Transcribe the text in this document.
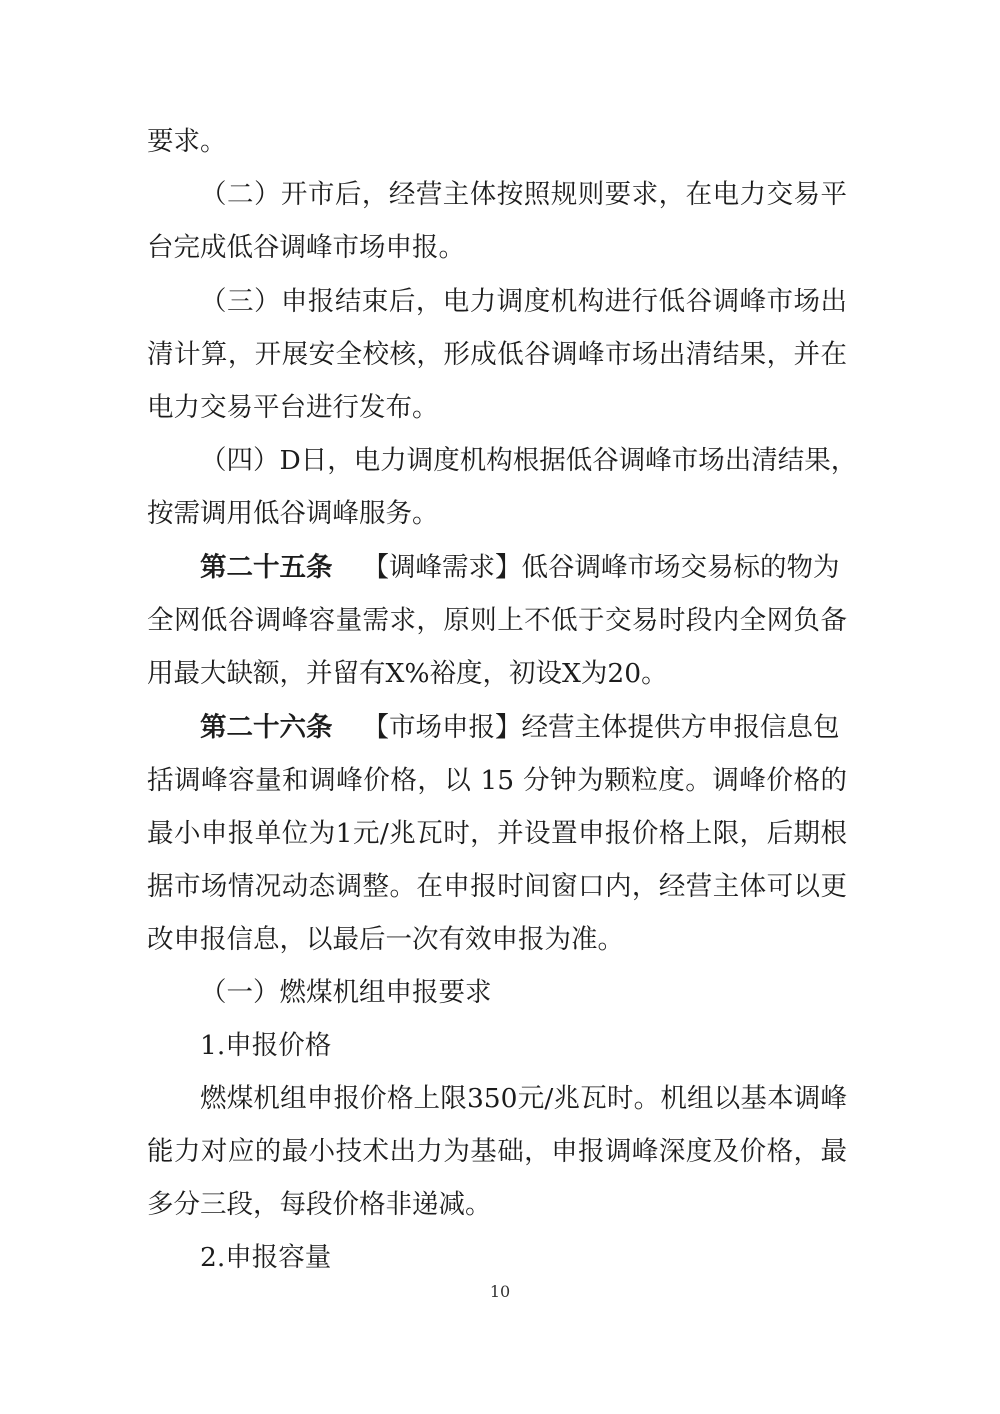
要求。
（二）开市后，经营主体按照规则要求，在电力交易平
台完成低谷调峰市场申报。
（三）申报结束后，电力调度机构进行低谷调峰市场出
清计算，开展安全校核，形成低谷调峰市场出清结果，并在
电力交易平台进行发布。
（四）D日，电力调度机构根据低谷调峰市场出清结果，
按需调用低谷调峰服务。
第二十五条 【调峰需求】低谷调峰市场交易标的物为
全网低谷调峰容量需求，原则上不低于交易时段内全网负备
用最大缺额，并留有X%裕度，初设X为20。
第二十六条 【市场申报】经营主体提供方申报信息包
括调峰容量和调峰价格，以 15 分钟为颗粒度。调峰价格的
最小申报单位为1元/兆瓦时，并设置申报价格上限，后期根
据市场情况动态调整。在申报时间窗口内，经营主体可以更
改申报信息，以最后一次有效申报为准。
（一）燃煤机组申报要求
1.申报价格
燃煤机组申报价格上限350元/兆瓦时。机组以基本调峰
能力对应的最小技术出力为基础，申报调峰深度及价格，最
多分三段，每段价格非递减。
2.申报容量
10
